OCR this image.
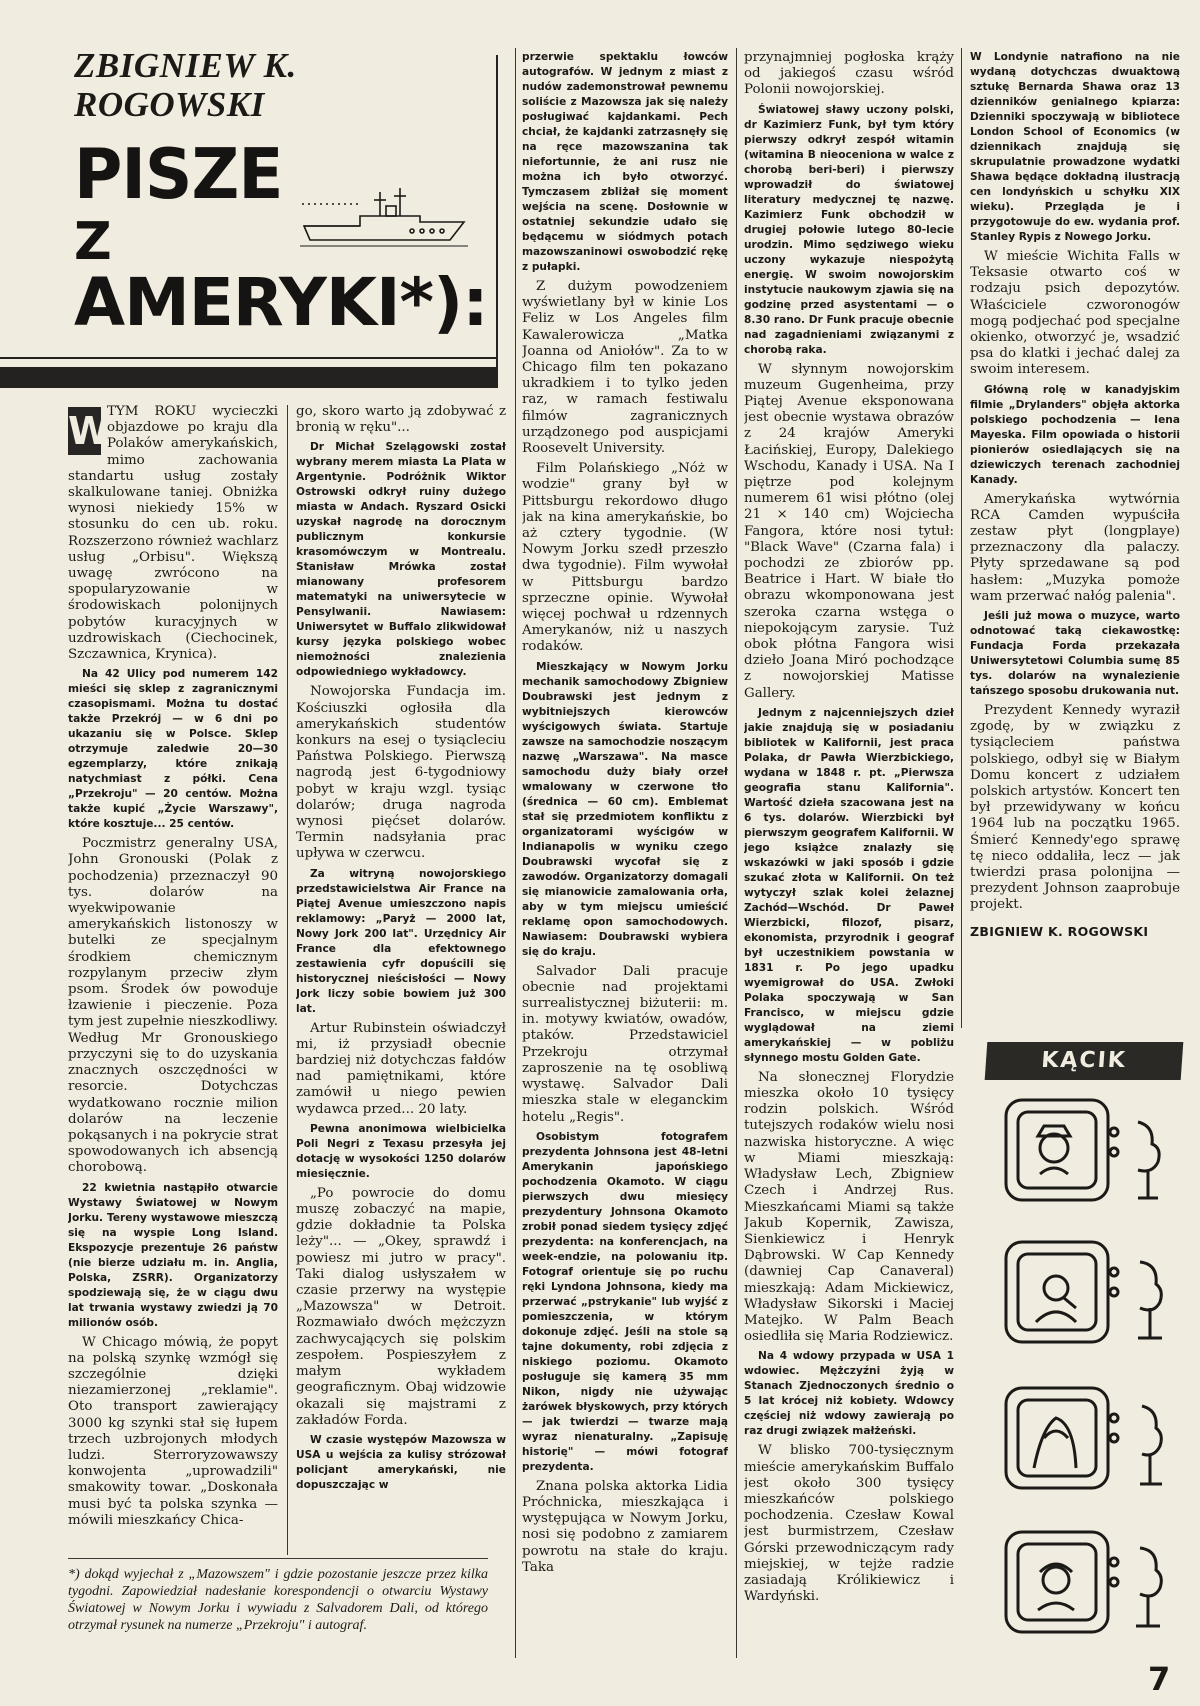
ZBIGNIEW K.
ROGOWSKI
PISZE
Z
AMERYKI*):

W
TYM ROKU wycieczki objazdowe po kraju dla Polaków amerykańskich, mimo zachowania standartu usług zostały skalkulowane taniej. Obniżka wynosi niekiedy 15% w stosunku do cen ub. roku. Rozszerzono również wachlarz usług „Orbisu". Większą uwagę zwrócono na spopularyzowanie w środowiskach polonijnych pobytów kuracyjnych w uzdrowiskach (Ciechocinek, Szczawnica, Krynica).

Na 42 Ulicy pod numerem 142 mieści się sklep z zagranicznymi czasopismami. Można tu dostać także Przekrój — w 6 dni po ukazaniu się w Polsce. Sklep otrzymuje zaledwie 20—30 egzemplarzy, które znikają natychmiast z półki. Cena „Przekroju" — 20 centów. Można także kupić „Życie Warszawy", które kosztuje... 25 centów.

Poczmistrz generalny USA, John Gronouski (Polak z pochodzenia) przeznaczył 90 tys. dolarów na wyekwipowanie amerykańskich listonoszy w butelki ze specjalnym środkiem chemicznym rozpylanym przeciw złym psom. Środek ów powoduje łzawienie i pieczenie. Poza tym jest zupełnie nieszkodliwy. Według Mr Gronouskiego przyczyni się to do uzyskania znacznych oszczędności w resorcie. Dotychczas wydatkowano rocznie milion dolarów na leczenie pokąsanych i na pokrycie strat spowodowanych ich absencją chorobową.

22 kwietnia nastąpiło otwarcie Wystawy Światowej w Nowym Jorku. Tereny wystawowe mieszczą się na wyspie Long Island. Ekspozycje prezentuje 26 państw (nie bierze udziału m. in. Anglia, Polska, ZSRR). Organizatorzy spodziewają się, że w ciągu dwu lat trwania wystawy zwiedzi ją 70 milionów osób.

W Chicago mówią, że popyt na polską szynkę wzmógł się szczególnie dzięki niezamierzonej „reklamie". Oto transport zawierający 3000 kg szynki stał się łupem trzech uzbrojonych młodych ludzi. Sterroryzowawszy konwojenta „uprowadzili" smakowity towar. „Doskonała musi być ta polska szynka — mówili mieszkańcy Chica-

go, skoro warto ją zdobywać z bronią w ręku"...

Dr Michał Szelągowski został wybrany merem miasta La Plata w Argentynie. Podróżnik Wiktor Ostrowski odkrył ruiny dużego miasta w Andach. Ryszard Osicki uzyskał nagrodę na dorocznym publicznym konkursie krasomówczym w Montrealu. Stanisław Mrówka został mianowany profesorem matematyki na uniwersytecie w Pensylwanii. Nawiasem: Uniwersytet w Buffalo zlikwidował kursy języka polskiego wobec niemożności znalezienia odpowiedniego wykładowcy.

Nowojorska Fundacja im. Kościuszki ogłosiła dla amerykańskich studentów konkurs na esej o tysiącleciu Państwa Polskiego. Pierwszą nagrodą jest 6-tygodniowy pobyt w kraju wzgl. tysiąc dolarów; druga nagroda wynosi pięćset dolarów. Termin nadsyłania prac upływa w czerwcu.

Za witryną nowojorskiego przedstawicielstwa Air France na Piątej Avenue umieszczono napis reklamowy: „Paryż — 2000 lat, Nowy Jork 200 lat". Urzędnicy Air France dla efektownego zestawienia cyfr dopuścili się historycznej nieścisłości — Nowy Jork liczy sobie bowiem już 300 lat.

Artur Rubinstein oświadczył mi, iż przysiadł obecnie bardziej niż dotychczas fałdów nad pamiętnikami, które zamówił u niego pewien wydawca przed... 20 laty.

Pewna anonimowa wielbicielka Poli Negri z Texasu przesyła jej dotację w wysokości 1250 dolarów miesięcznie.

„Po powrocie do domu muszę zobaczyć na mapie, gdzie dokładnie ta Polska leży"... — „Okey, sprawdź i powiesz mi jutro w pracy". Taki dialog usłyszałem w czasie przerwy na występie „Mazowsza" w Detroit. Rozmawiało dwóch mężczyzn zachwycających się polskim zespołem. Pospieszyłem z małym wykładem geograficznym. Obaj widzowie okazali się majstrami z zakładów Forda.

W czasie występów Mazowsza w USA u wejścia za kulisy strózował policjant amerykański, nie dopuszczając w

przerwie spektaklu łowców autografów. W jednym z miast z nudów zademonstrował pewnemu soliście z Mazowsza jak się należy posługiwać kajdankami. Pech chciał, że kajdanki zatrzasnęły się na ręce mazowszanina tak niefortunnie, że ani rusz nie można ich było otworzyć. Tymczasem zbliżał się moment wejścia na scenę. Dosłownie w ostatniej sekundzie udało się będącemu w siódmych potach mazowszaninowi oswobodzić rękę z pułapki.

Z dużym powodzeniem wyświetlany był w kinie Los Feliz w Los Angeles film Kawalerowicza „Matka Joanna od Aniołów". Za to w Chicago film ten pokazano ukradkiem i to tylko jeden raz, w ramach festiwalu filmów zagranicznych urządzonego pod auspicjami Roosevelt University.

Film Polańskiego „Nóż w wodzie" grany był w Pittsburgu rekordowo długo jak na kina amerykańskie, bo aż cztery tygodnie. (W Nowym Jorku szedł przeszło dwa tygodnie). Film wywołał w Pittsburgu bardzo sprzeczne opinie. Wywołał więcej pochwał u rdzennych Amerykanów, niż u naszych rodaków.

Mieszkający w Nowym Jorku mechanik samochodowy Zbigniew Doubrawski jest jednym z wybitniejszych kierowców wyścigowych świata. Startuje zawsze na samochodzie noszącym nazwę „Warszawa". Na masce samochodu duży biały orzeł wmalowany w czerwone tło (średnica — 60 cm). Emblemat stał się przedmiotem konfliktu z organizatorami wyścigów w Indianapolis w wyniku czego Doubrawski wycofał się z zawodów. Organizatorzy domagali się mianowicie zamalowania orła, aby w tym miejscu umieścić reklamę opon samochodowych. Nawiasem: Doubrawski wybiera się do kraju.

Salvador Dali pracuje obecnie nad projektami surrealistycznej biżuterii: m. in. motywy kwiatów, owadów, ptaków. Przedstawiciel Przekroju otrzymał zaproszenie na tę osobliwą wystawę. Salvador Dali mieszka stale w eleganckim hotelu „Regis".

Osobistym fotografem prezydenta Johnsona jest 48-letni Amerykanin japońskiego pochodzenia Okamoto. W ciągu pierwszych dwu miesięcy prezydentury Johnsona Okamoto zrobił ponad siedem tysięcy zdjęć prezydenta: na konferencjach, na week-endzie, na polowaniu itp. Fotograf orientuje się po ruchu ręki Lyndona Johnsona, kiedy ma przerwać „pstrykanie" lub wyjść z pomieszczenia, w którym dokonuje zdjęć. Jeśli na stole są tajne dokumenty, robi zdjęcia z niskiego poziomu. Okamoto posługuje się kamerą 35 mm Nikon, nigdy nie używając żarówek błyskowych, przy których — jak twierdzi — twarze mają wyraz nienaturalny. „Zapisuję historię" — mówi fotograf prezydenta.

Znana polska aktorka Lidia Próchnicka, mieszkająca i występująca w Nowym Jorku, nosi się podobno z zamiarem powrotu na stałe do kraju. Taka

przynajmniej pogłoska krąży od jakiegoś czasu wśród Polonii nowojorskiej.

Światowej sławy uczony polski, dr Kazimierz Funk, był tym który pierwszy odkrył zespół witamin (witamina B nieoceniona w walce z chorobą beri-beri) i pierwszy wprowadził do światowej literatury medycznej tę nazwę. Kazimierz Funk obchodził w drugiej połowie lutego 80-lecie urodzin. Mimo sędziwego wieku uczony wykazuje niespożytą energię. W swoim nowojorskim instytucie naukowym zjawia się na godzinę przed asystentami — o 8.30 rano. Dr Funk pracuje obecnie nad zagadnieniami związanymi z chorobą raka.

W słynnym nowojorskim muzeum Gugenheima, przy Piątej Avenue eksponowana jest obecnie wystawa obrazów z 24 krajów Ameryki Łacińskiej, Europy, Dalekiego Wschodu, Kanady i USA. Na I piętrze pod kolejnym numerem 61 wisi płótno (olej 21 × 140 cm) Wojciecha Fangora, które nosi tytuł: "Black Wave" (Czarna fala) i pochodzi ze zbiorów pp. Beatrice i Hart. W białe tło obrazu wkomponowana jest szeroka czarna wstęga o niepokojącym zarysie. Tuż obok płótna Fangora wisi dzieło Joana Miró pochodzące z nowojorskiej Matisse Gallery.

Jednym z najcenniejszych dzieł jakie znajdują się w posiadaniu bibliotek w Kalifornii, jest praca Polaka, dr Pawła Wierzbickiego, wydana w 1848 r. pt. „Pierwsza geografia stanu Kalifornia". Wartość dzieła szacowana jest na 6 tys. dolarów. Wierzbicki był pierwszym geografem Kalifornii. W jego książce znalazły się wskazówki w jaki sposób i gdzie szukać złota w Kalifornii. On też wytyczył szlak kolei żelaznej Zachód—Wschód. Dr Paweł Wierzbicki, filozof, pisarz, ekonomista, przyrodnik i geograf był uczestnikiem powstania w 1831 r. Po jego upadku wyemigrował do USA. Zwłoki Polaka spoczywają w San Francisco, w miejscu gdzie wyglądował na ziemi amerykańskiej — w pobliżu słynnego mostu Golden Gate.

Na słonecznej Florydzie mieszka około 10 tysięcy rodzin polskich. Wśród tutejszych rodaków wielu nosi nazwiska historyczne. A więc w Miami mieszkają: Władysław Lech, Zbigniew Czech i Andrzej Rus. Mieszkańcami Miami są także Jakub Kopernik, Zawisza, Sienkiewicz i Henryk Dąbrowski. W Cap Kennedy (dawniej Cap Canaveral) mieszkają: Adam Mickiewicz, Władysław Sikorski i Maciej Matejko. W Palm Beach osiedliła się Maria Rodziewicz.

Na 4 wdowy przypada w USA 1 wdowiec. Mężczyźni żyją w Stanach Zjednoczonych średnio o 5 lat krócej niż kobiety. Wdowcy częściej niż wdowy zawierają po raz drugi związek małżeński.

W blisko 700-tysięcznym mieście amerykańskim Buffalo jest około 300 tysięcy mieszkańców polskiego pochodzenia. Czesław Kowal jest burmistrzem, Czesław Górski przewodniczącym rady miejskiej, w tejże radzie zasiadają Królikiewicz i Wardyński.

W Londynie natrafiono na nie wydaną dotychczas dwuaktową sztukę Bernarda Shawa oraz 13 dzienników genialnego kpiarza: Dzienniki spoczywają w bibliotece London School of Economics (w dziennikach znajdują się skrupulatnie prowadzone wydatki Shawa będące dokładną ilustracją cen londyńskich u schyłku XIX wieku). Przegląda je i przygotowuje do ew. wydania prof. Stanley Rypis z Nowego Jorku.

W mieście Wichita Falls w Teksasie otwarto coś w rodzaju psich depozytów. Właściciele czworonogów mogą podjechać pod specjalne okienko, otworzyć je, wsadzić psa do klatki i jechać dalej za swoim interesem.

Główną rolę w kanadyjskim filmie „Drylanders" objęła aktorka polskiego pochodzenia — Iena Mayeska. Film opowiada o historii pionierów osiedlających się na dziewiczych terenach zachodniej Kanady.

Amerykańska wytwórnia RCA Camden wypuściła zestaw płyt (longplaye) przeznaczony dla palaczy. Płyty sprzedawane są pod hasłem: „Muzyka pomoże wam przerwać nałóg palenia".

Jeśli już mowa o muzyce, warto odnotować taką ciekawostkę: Fundacja Forda przekazała Uniwersytetowi Columbia sumę 85 tys. dolarów na wynalezienie tańszego sposobu drukowania nut.

Prezydent Kennedy wyraził zgodę, by w związku z tysiącleciem państwa polskiego, odbył się w Białym Domu koncert z udziałem polskich artystów. Koncert ten był przewidywany w końcu 1964 lub na początku 1965. Śmierć Kennedy'ego sprawę tę nieco oddaliła, lecz — jak twierdzi prasa polonijna — prezydent Johnson zaaprobuje projekt.

ZBIGNIEW K. ROGOWSKI

*) dokąd wyjechał z „Mazowszem" i gdzie pozostanie jeszcze przez kilka tygodni. Zapowiedział nadesłanie korespondencji o otwarciu Wystawy Światowej w Nowym Jorku i wywiadu z Salvadorem Dali, od którego otrzymał rysunek na numerze „Przekroju" i autograf.
KĄCIK HUMORU
7
